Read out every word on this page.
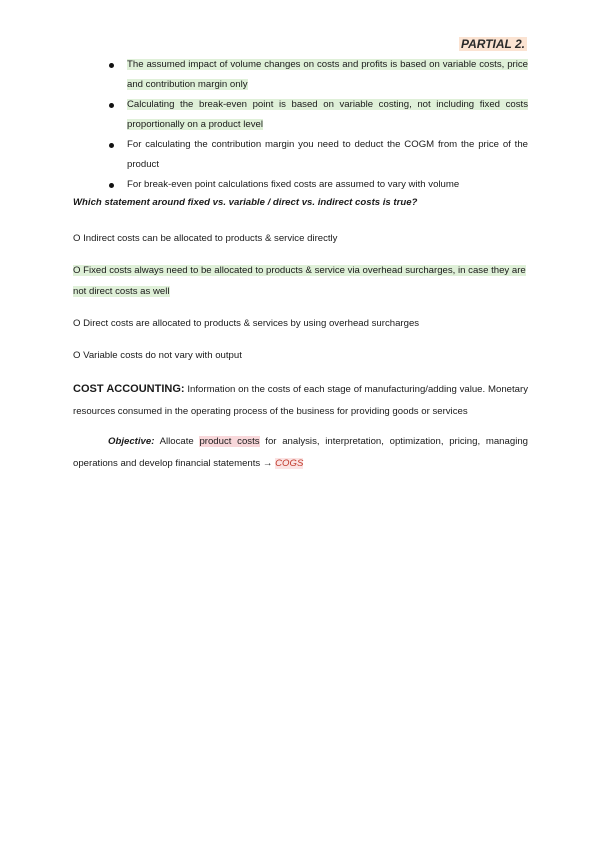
PARTIAL 2.
The assumed impact of volume changes on costs and profits is based on variable costs, price and contribution margin only
Calculating the break-even point is based on variable costing, not including fixed costs proportionally on a product level
For calculating the contribution margin you need to deduct the COGM from the price of the product
For break-even point calculations fixed costs are assumed to vary with volume
Which statement around fixed vs. variable / direct vs. indirect costs is true?
O Indirect costs can be allocated to products & service directly
O Fixed costs always need to be allocated to products & service via overhead surcharges, in case they are not direct costs as well
O Direct costs are allocated to products & services by using overhead surcharges
O Variable costs do not vary with output
COST ACCOUNTING: Information on the costs of each stage of manufacturing/adding value. Monetary resources consumed in the operating process of the business for providing goods or services
Objective: Allocate product costs for analysis, interpretation, optimization, pricing, managing operations and develop financial statements → COGS
